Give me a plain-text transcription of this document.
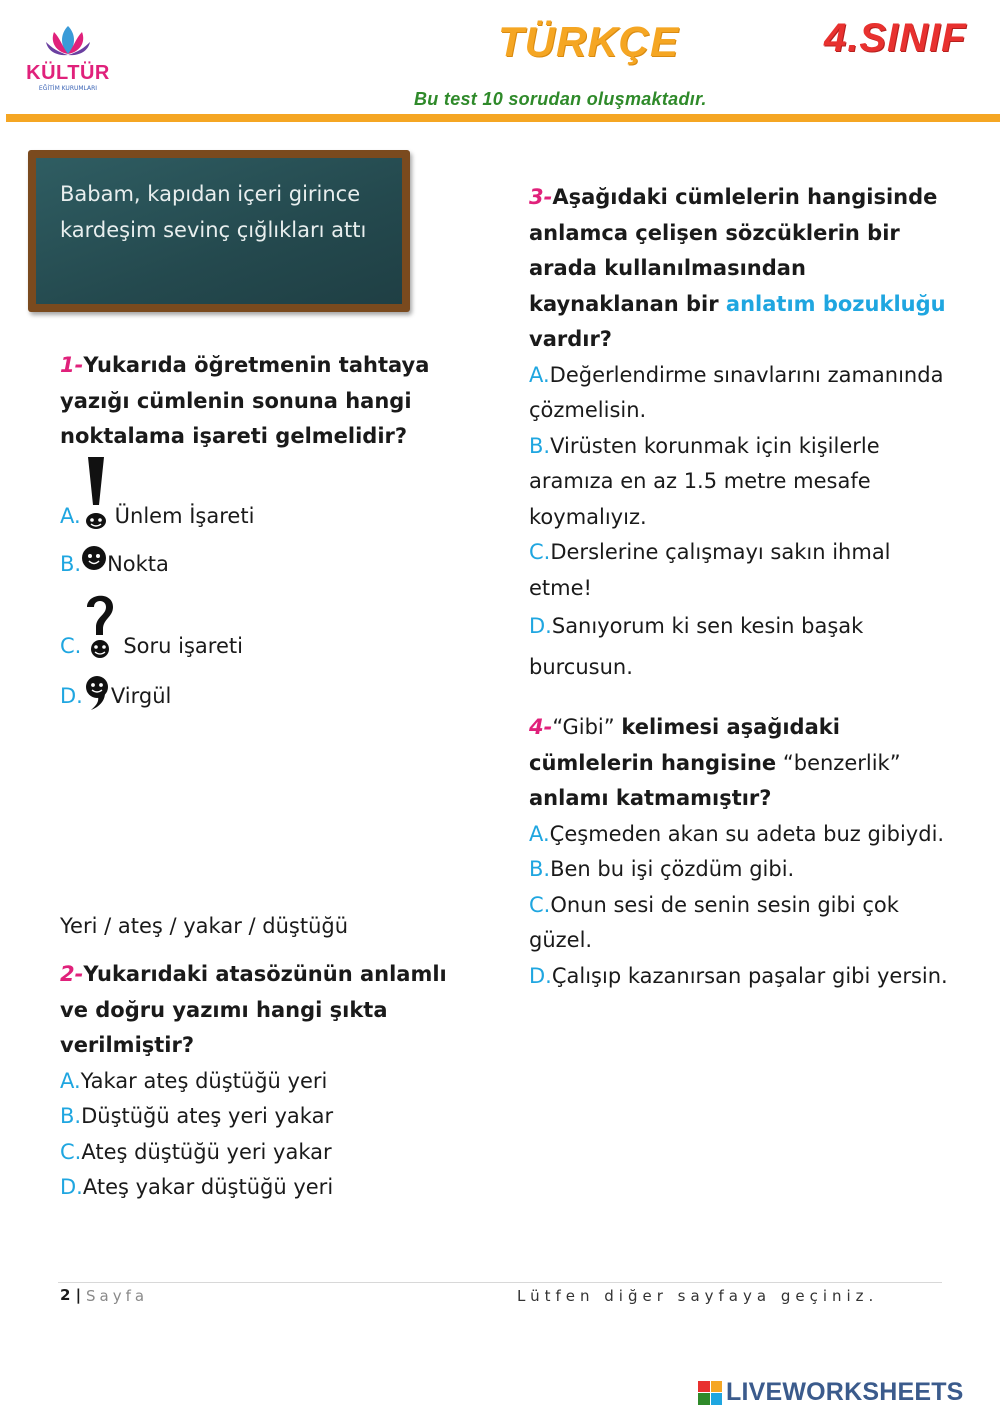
KÜLTÜR
EĞİTİM KURUMLARI
TÜRKÇE	4.SINIF
Bu test 10 sorudan oluşmaktadır.
Babam, kapıdan içeri girince
kardeşim sevinç çığlıkları attı
1-Yukarıda öğretmenin tahtaya yazığı cümlenin sonuna hangi noktalama işareti gelmelidir?
A. Ünlem İşareti
B. Nokta
C. Soru işareti
D. Virgül
Yeri / ateş / yakar / düştüğü
2-Yukarıdaki atasözünün anlamlı ve doğru yazımı hangi şıkta verilmiştir?
A.Yakar ateş düştüğü yeri
B.Düştüğü ateş yeri yakar
C.Ateş düştüğü yeri yakar
D.Ateş yakar düştüğü yeri
3-Aşağıdaki cümlelerin hangisinde anlamca çelişen sözcüklerin bir arada kullanılmasından kaynaklanan bir anlatım bozukluğu vardır?
A.Değerlendirme sınavlarını zamanında çözmelisin.
B.Virüsten korunmak için kişilerle aramıza en az 1.5 metre mesafe koymalıyız.
C.Derslerine çalışmayı sakın ihmal etme!
D.Sanıyorum ki sen kesin başak burcusun.
4-“Gibi” kelimesi aşağıdaki cümlelerin hangisine “benzerlik” anlamı katmamıştır?
A.Çeşmeden akan su adeta buz gibiydi.
B.Ben bu işi çözdüm gibi.
C.Onun sesi de senin sesin gibi çok güzel.
D.Çalışıp kazanırsan paşalar gibi yersin.
2 | Sayfa	Lütfen diğer sayfaya geçiniz.
LIVEWORKSHEETS
